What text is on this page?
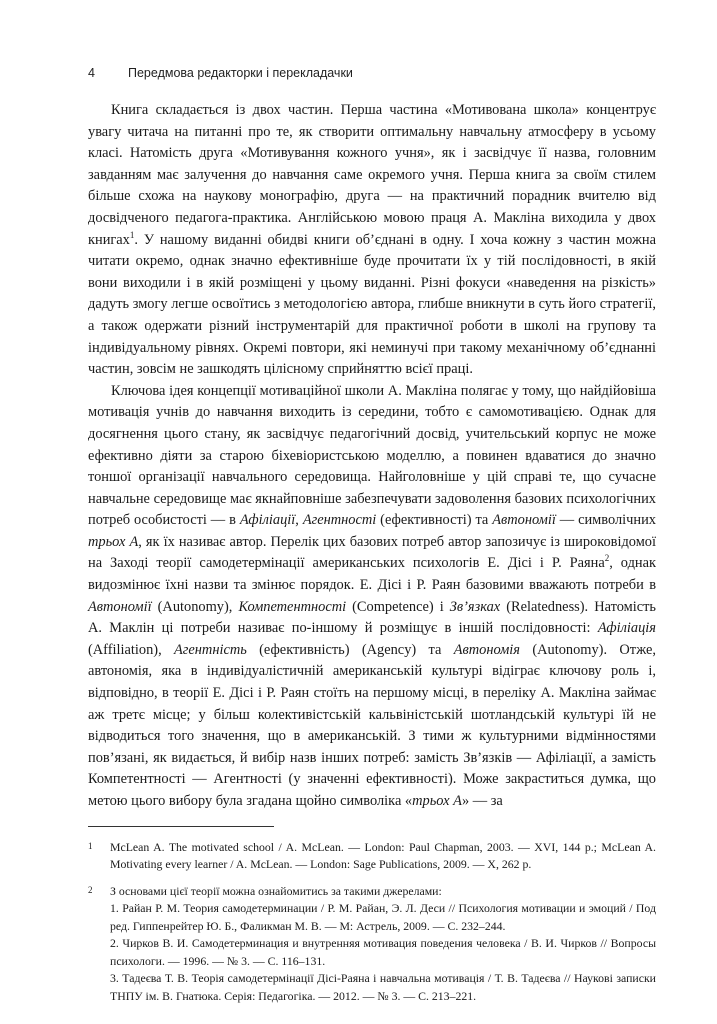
4	Передмова редакторки і перекладачки

Книга складається із двох частин. Перша частина «Мотивована школа» концентрує увагу читача на питанні про те, як створити оптимальну навчальну атмосферу в усьому класі. Натомість друга «Мотивування кожного учня», як і засвідчує її назва, головним завданням має залучення до навчання саме окремого учня. Перша книга за своїм стилем більше схожа на наукову монографію, друга — на практичний порадник вчителю від досвідченого педагога-практика. Англійською мовою праця А. Макліна виходила у двох книгах$^1$. У нашому виданні обидві книги об’єднані в одну. І хоча кожну з частин можна читати окремо, однак значно ефективніше буде прочитати їх у тій послідовності, в якій вони виходили і в якій розміщені у цьому виданні. Різні фокуси «наведення на різкість» дадуть змогу легше освоїтись з методологією автора, глибше вникнути в суть його стратегії, а також одержати різний інструментарій для практичної роботи в школі на групову та індивідуальному рівнях. Окремі повтори, які неминучі при такому механічному об’єднанні частин, зовсім не зашкодять цілісному сприйняттю всієї праці.

Ключова ідея концепції мотиваційної школи А. Макліна полягає у тому, що найдійовіша мотивація учнів до навчання виходить із середини, тобто є самомотивацією. Однак для досягнення цього стану, як засвідчує педагогічний досвід, учительський корпус не може ефективно діяти за старою біхевіористською моделлю, а повинен вдаватися до значно тоншої організації навчального середовища. Найголовніше у цій справі те, що сучасне навчальне середовище має якнайповніше забезпечувати задоволення базових психологічних потреб особистості — в Афіліації, Агентності (ефективності) та Автономії — символічних трьох А, як їх називає автор. Перелік цих базових потреб автор запозичує із широковідомої на Заході теорії самодетермінації американських психологів Е. Дісі і Р. Раяна$^2$, однак видозмінює їхні назви та змінює порядок. Е. Дісі і Р. Раян базовими вважають потреби в Автономії (Autonomy), Компетентності (Competence) і Зв’язках (Relatedness). Натомість А. Маклін ці потреби називає по-іншому й розміщує в іншій послідовності: Афіліація (Affiliation), Агентність (ефективність) (Agency) та Автономія (Autonomy). Отже, автономія, яка в індивідуалістичній американській культурі відіграє ключову роль і, відповідно, в теорії Е. Дісі і Р. Раян стоїть на першому місці, в переліку А. Макліна займає аж третє місце; у більш колективістській кальвіністській шотландській культурі їй не відводиться того значення, що в американській. З тими ж культурними відмінностями пов’язані, як видається, й вибір назв інших потреб: замість Зв’язків — Афіліації, а замість Компетентності — Агентності (у значенні ефективності). Може закраститься думка, що метою цього вибору була згадана щойно символіка «трьох А» — за

1 McLean A. The motivated school / A. McLean. — London: Paul Chapman, 2003. — XVI, 144 p.; McLean A. Motivating every learner / A. McLean. — London: Sage Publications, 2009. — X, 262 p.
2 З основами цієї теорії можна ознайомитись за такими джерелами:
1. Райан Р. М. Теория самодетерминации / Р. М. Райан, Э. Л. Деси // Психология мотивации и эмоций / Под ред. Гиппенрейтер Ю. Б., Фаликман М. В. — М: Астрель, 2009. — С. 232–244.
2. Чирков В. И. Самодетерминация и внутренняя мотивация поведения человека / В. И. Чирков // Вопросы психологи. — 1996. — № 3. — С. 116–131.
3. Тадеєва Т. В. Теорія самодетермінації Дісі-Раяна і навчальна мотивація / Т. В. Тадеєва // Наукові записки ТНПУ ім. В. Гнатюка. Серія: Педагогіка. — 2012. — № 3. — С. 213–221.
